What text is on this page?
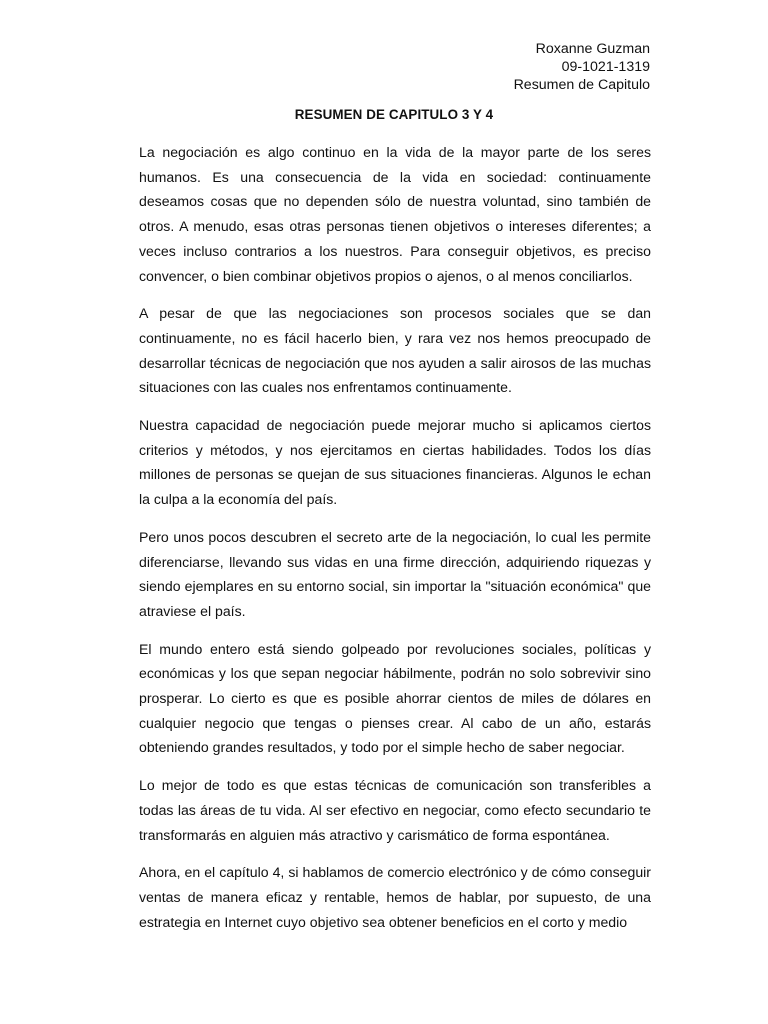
Roxanne Guzman
09-1021-1319
Resumen de Capitulo
RESUMEN DE CAPITULO 3 Y 4

La negociación es algo continuo en la vida de la mayor parte de los seres humanos. Es una consecuencia de la vida en sociedad: continuamente deseamos cosas que no dependen sólo de nuestra voluntad, sino también de otros. A menudo, esas otras personas tienen objetivos o intereses diferentes; a veces incluso contrarios a los nuestros. Para conseguir objetivos, es preciso convencer, o bien combinar objetivos propios o ajenos, o al menos conciliarlos.

A pesar de que las negociaciones son procesos sociales que se dan continuamente, no es fácil hacerlo bien, y rara vez nos hemos preocupado de desarrollar técnicas de negociación que nos ayuden a salir airosos de las muchas situaciones con las cuales nos enfrentamos continuamente.

Nuestra capacidad de negociación puede mejorar mucho si aplicamos ciertos criterios y métodos, y nos ejercitamos en ciertas habilidades. Todos los días millones de personas se quejan de sus situaciones financieras. Algunos le echan la culpa a la economía del país.

Pero unos pocos descubren el secreto arte de la negociación, lo cual les permite diferenciarse, llevando sus vidas en una firme dirección, adquiriendo riquezas y siendo ejemplares en su entorno social, sin importar la "situación económica" que atraviese el país.

El mundo entero está siendo golpeado por revoluciones sociales, políticas y económicas y los que sepan negociar hábilmente, podrán no solo sobrevivir sino prosperar. Lo cierto es que es posible ahorrar cientos de miles de dólares en cualquier negocio que tengas o pienses crear. Al cabo de un año, estarás obteniendo grandes resultados, y todo por el simple hecho de saber negociar.

Lo mejor de todo es que estas técnicas de comunicación son transferibles a todas las áreas de tu vida. Al ser efectivo en negociar, como efecto secundario te transformarás en alguien más atractivo y carismático de forma espontánea.

Ahora, en el capítulo 4, si hablamos de comercio electrónico y de cómo conseguir ventas de manera eficaz y rentable, hemos de hablar, por supuesto, de una estrategia en Internet cuyo objetivo sea obtener beneficios en el corto y medio
